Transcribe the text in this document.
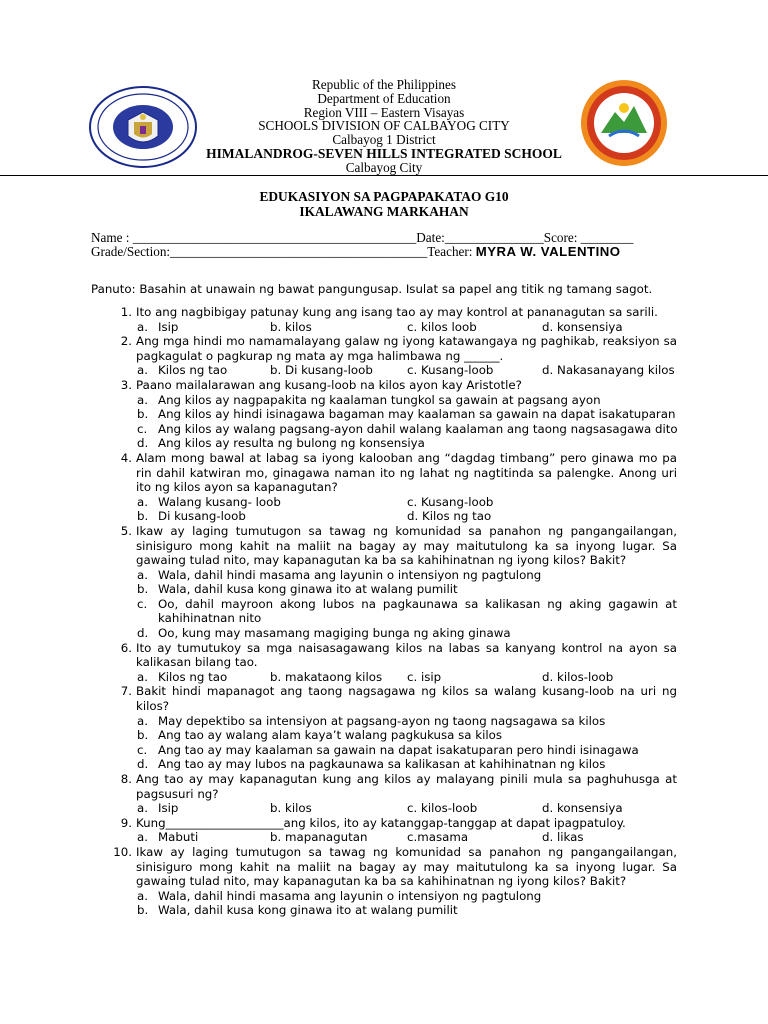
Republic of the Philippines
Department of Education
Region VIII – Eastern Visayas
SCHOOLS DIVISION OF CALBAYOG CITY
Calbayog 1 District
HIMALANDROG-SEVEN HILLS INTEGRATED SCHOOL
Calbayog City
EDUKASIYON SA PAGPAPAKATAO G10
IKALAWANG MARKAHAN
Name : ___________________________________________Date:_______________Score: ________
Grade/Section:_______________________________________Teacher: MYRA W. VALENTINO
Panuto: Basahin at unawain ng bawat pangungusap. Isulat sa papel ang titik ng tamang sagot.
1. Ito ang nagbibigay patunay kung ang isang tao ay may kontrol at pananagutan sa sarili.
a. Isip	b. kilos	c. kilos loob	d. konsensiya
2. Ang mga hindi mo namamalayang galaw ng iyong katawangaya ng paghikab, reaksiyon sa pagkagulat o pagkurap ng mata ay mga halimbawa ng ______.
a. Kilos ng tao	b. Di kusang-loob	c. Kusang-loob	d. Nakasanayang kilos
3. Paano mailalarawan ang kusang-loob na kilos ayon kay Aristotle?
a. Ang kilos ay nagpapakita ng kaalaman tungkol sa gawain at pagsang ayon
b. Ang kilos ay hindi isinagawa bagaman may kaalaman sa gawain na dapat isakatuparan
c. Ang kilos ay walang pagsang-ayon dahil walang kaalaman ang taong nagsasagawa dito
d. Ang kilos ay resulta ng bulong ng konsensiya
4. Alam mong bawal at labag sa iyong kalooban ang “dagdag timbang” pero ginawa mo pa rin dahil katwiran mo, ginagawa naman ito ng lahat ng nagtitinda sa palengke. Anong uri ito ng kilos ayon sa kapanagutan?
a. Walang kusang- loob	c. Kusang-loob
b. Di kusang-loob	d. Kilos ng tao
5. Ikaw ay laging tumutugon sa tawag ng komunidad sa panahon ng pangangailangan, sinisiguro mong kahit na maliit na bagay ay may maitutulong ka sa inyong lugar. Sa gawaing tulad nito, may kapanagutan ka ba sa kahihinatnan ng iyong kilos? Bakit?
a. Wala, dahil hindi masama ang layunin o intensiyon ng pagtulong
b. Wala, dahil kusa kong ginawa ito at walang pumilit
c. Oo, dahil mayroon akong lubos na pagkaunawa sa kalikasan ng aking gagawin at
kahihinatnan nito
d. Oo, kung may masamang magiging bunga ng aking ginawa
6. Ito ay tumutukoy sa mga naisasagawang kilos na labas sa kanyang kontrol na ayon sa kalikasan bilang tao.
a. Kilos ng tao	b. makataong kilos c. isip	d. kilos-loob
7. Bakit hindi mapanagot ang taong nagsagawa ng kilos sa walang kusang-loob na uri ng kilos?
a. May depektibo sa intensiyon at pagsang-ayon ng taong nagsagawa sa kilos
b. Ang tao ay walang alam kaya’t walang pagkukusa sa kilos
c. Ang tao ay may kaalaman sa gawain na dapat isakatuparan pero hindi isinagawa
d. Ang tao ay may lubos na pagkaunawa sa kalikasan at kahihinatnan ng kilos
8. Ang tao ay may kapanagutan kung ang kilos ay malayang pinili mula sa paghuhusga at pagsusuri ng?
a. Isip	b. kilos	c. kilos-loob	d. konsensiya
9. Kung____________________ang kilos, ito ay katanggap-tanggap at dapat ipagpatuloy.
a. Mabuti	b. mapanagutan	c.masama	d. likas
10. Ikaw ay laging tumutugon sa tawag ng komunidad sa panahon ng pangangailangan, sinisiguro mong kahit na maliit na bagay ay may maitutulong ka sa inyong lugar. Sa gawaing tulad nito, may kapanagutan ka ba sa kahihinatnan ng iyong kilos? Bakit?
a. Wala, dahil hindi masama ang layunin o intensiyon ng pagtulong
b. Wala, dahil kusa kong ginawa ito at walang pumilit
